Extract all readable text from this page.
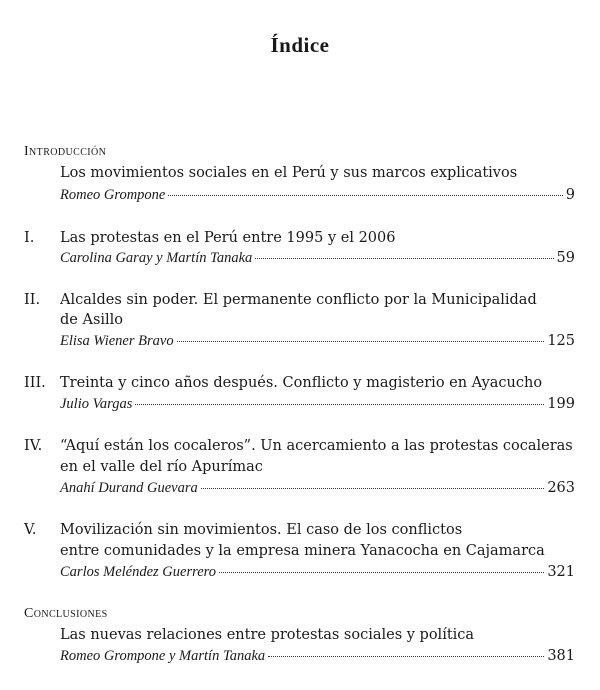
Índice
Introducción
Los movimientos sociales en el Perú y sus marcos explicativos
Romeo Grompone	9
I. Las protestas en el Perú entre 1995 y el 2006
Carolina Garay y Martín Tanaka	59
II. Alcaldes sin poder. El permanente conflicto por la Municipalidad
de Asillo
Elisa Wiener Bravo	125
III. Treinta y cinco años después. Conflicto y magisterio en Ayacucho
Julio Vargas	199
IV. “Aquí están los cocaleros”. Un acercamiento a las protestas cocaleras
en el valle del río Apurímac
Anahí Durand Guevara	263
V. Movilización sin movimientos. El caso de los conflictos
entre comunidades y la empresa minera Yanacocha en Cajamarca
Carlos Meléndez Guerrero	321
Conclusiones
Las nuevas relaciones entre protestas sociales y política
Romeo Grompone y Martín Tanaka	381
